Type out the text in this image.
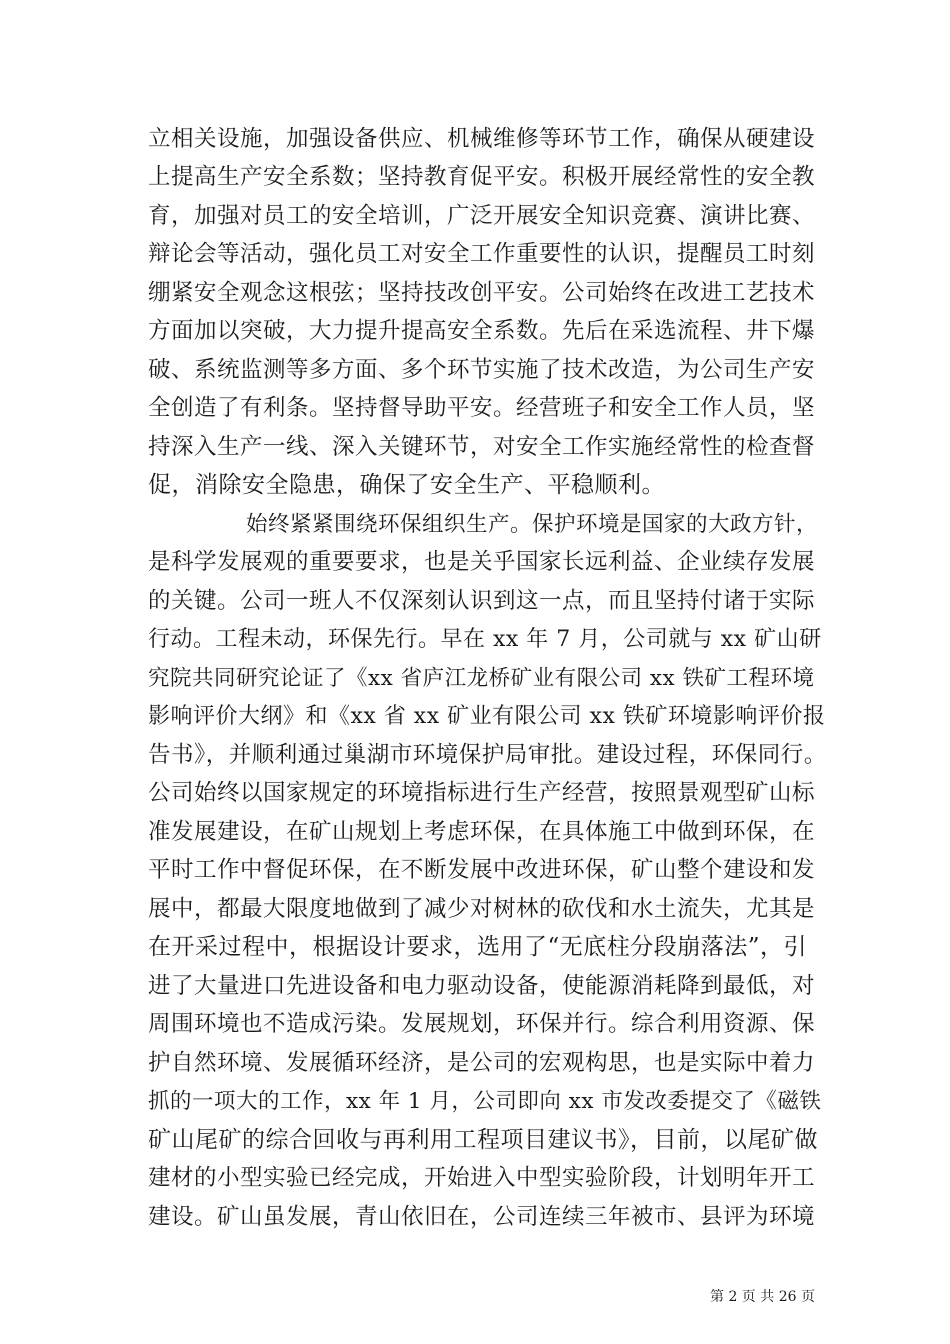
立相关设施，加强设备供应、机械维修等环节工作，确保从硬建设
上提高生产安全系数；坚持教育促平安。积极开展经常性的安全教
育，加强对员工的安全培训，广泛开展安全知识竞赛、演讲比赛、
辩论会等活动，强化员工对安全工作重要性的认识，提醒员工时刻
绷紧安全观念这根弦；坚持技改创平安。公司始终在改进工艺技术
方面加以突破，大力提升提高安全系数。先后在采选流程、井下爆
破、系统监测等多方面、多个环节实施了技术改造，为公司生产安
全创造了有利条。坚持督导助平安。经营班子和安全工作人员，坚
持深入生产一线、深入关键环节，对安全工作实施经常性的检查督
促，消除安全隐患，确保了安全生产、平稳顺利。
始终紧紧围绕环保组织生产。保护环境是国家的大政方针，
是科学发展观的重要要求，也是关乎国家长远利益、企业续存发展
的关键。公司一班人不仅深刻认识到这一点，而且坚持付诸于实际
行动。工程未动，环保先行。早在 xx 年 7 月，公司就与 xx 矿山研
究院共同研究论证了《xx 省庐江龙桥矿业有限公司 xx 铁矿工程环境
影响评价大纲》和《xx 省 xx 矿业有限公司 xx 铁矿环境影响评价报
告书》，并顺利通过巢湖市环境保护局审批。建设过程，环保同行。
公司始终以国家规定的环境指标进行生产经营，按照景观型矿山标
准发展建设，在矿山规划上考虑环保，在具体施工中做到环保，在
平时工作中督促环保，在不断发展中改进环保，矿山整个建设和发
展中，都最大限度地做到了减少对树林的砍伐和水土流失，尤其是
在开采过程中，根据设计要求，选用了“无底柱分段崩落法”，引
进了大量进口先进设备和电力驱动设备，使能源消耗降到最低，对
周围环境也不造成污染。发展规划，环保并行。综合利用资源、保
护自然环境、发展循环经济，是公司的宏观构思，也是实际中着力
抓的一项大的工作，xx 年 1 月，公司即向 xx 市发改委提交了《磁铁
矿山尾矿的综合回收与再利用工程项目建议书》，目前，以尾矿做
建材的小型实验已经完成，开始进入中型实验阶段，计划明年开工
建设。矿山虽发展，青山依旧在，公司连续三年被市、县评为环境
第 2 页 共 26 页
